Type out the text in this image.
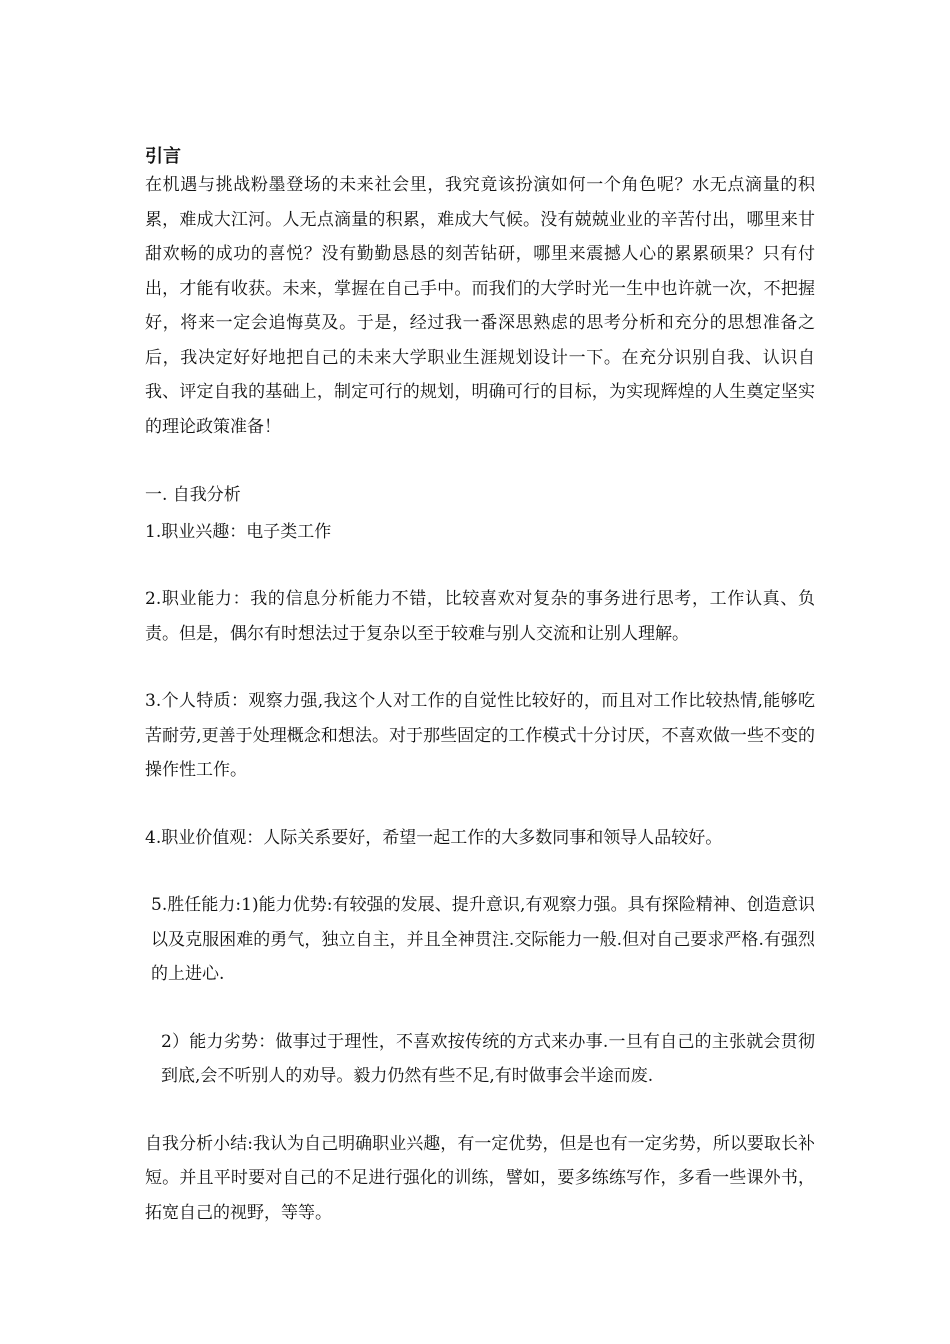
引言

在机遇与挑战粉墨登场的未来社会里，我究竟该扮演如何一个角色呢？水无点滴量的积累，难成大江河。人无点滴量的积累，难成大气候。没有兢兢业业的辛苦付出，哪里来甘甜欢畅的成功的喜悦？没有勤勤恳恳的刻苦钻研，哪里来震撼人心的累累硕果？只有付出，才能有收获。未来，掌握在自己手中。而我们的大学时光一生中也许就一次，不把握好，将来一定会追悔莫及。于是，经过我一番深思熟虑的思考分析和充分的思想准备之后，我决定好好地把自己的未来大学职业生涯规划设计一下。在充分识别自我、认识自我、评定自我的基础上，制定可行的规划，明确可行的目标，为实现辉煌的人生奠定坚实的理论政策准备！

一. 自我分析

1.职业兴趣：电子类工作

2.职业能力：我的信息分析能力不错，比较喜欢对复杂的事务进行思考，工作认真、负责。但是，偶尔有时想法过于复杂以至于较难与别人交流和让别人理解。

3.个人特质：观察力强,我这个人对工作的自觉性比较好的，而且对工作比较热情,能够吃苦耐劳,更善于处理概念和想法。对于那些固定的工作模式十分讨厌，不喜欢做一些不变的操作性工作。

4.职业价值观：人际关系要好，希望一起工作的大多数同事和领导人品较好。

5.胜任能力:1)能力优势:有较强的发展、提升意识,有观察力强。具有探险精神、创造意识以及克服困难的勇气，独立自主，并且全神贯注.交际能力一般.但对自己要求严格.有强烈的上进心.

2）能力劣势：做事过于理性，不喜欢按传统的方式来办事.一旦有自己的主张就会贯彻到底,会不听别人的劝导。毅力仍然有些不足,有时做事会半途而废.

自我分析小结:我认为自己明确职业兴趣，有一定优势，但是也有一定劣势，所以要取长补短。并且平时要对自己的不足进行强化的训练，譬如，要多练练写作，多看一些课外书，拓宽自己的视野，等等。
